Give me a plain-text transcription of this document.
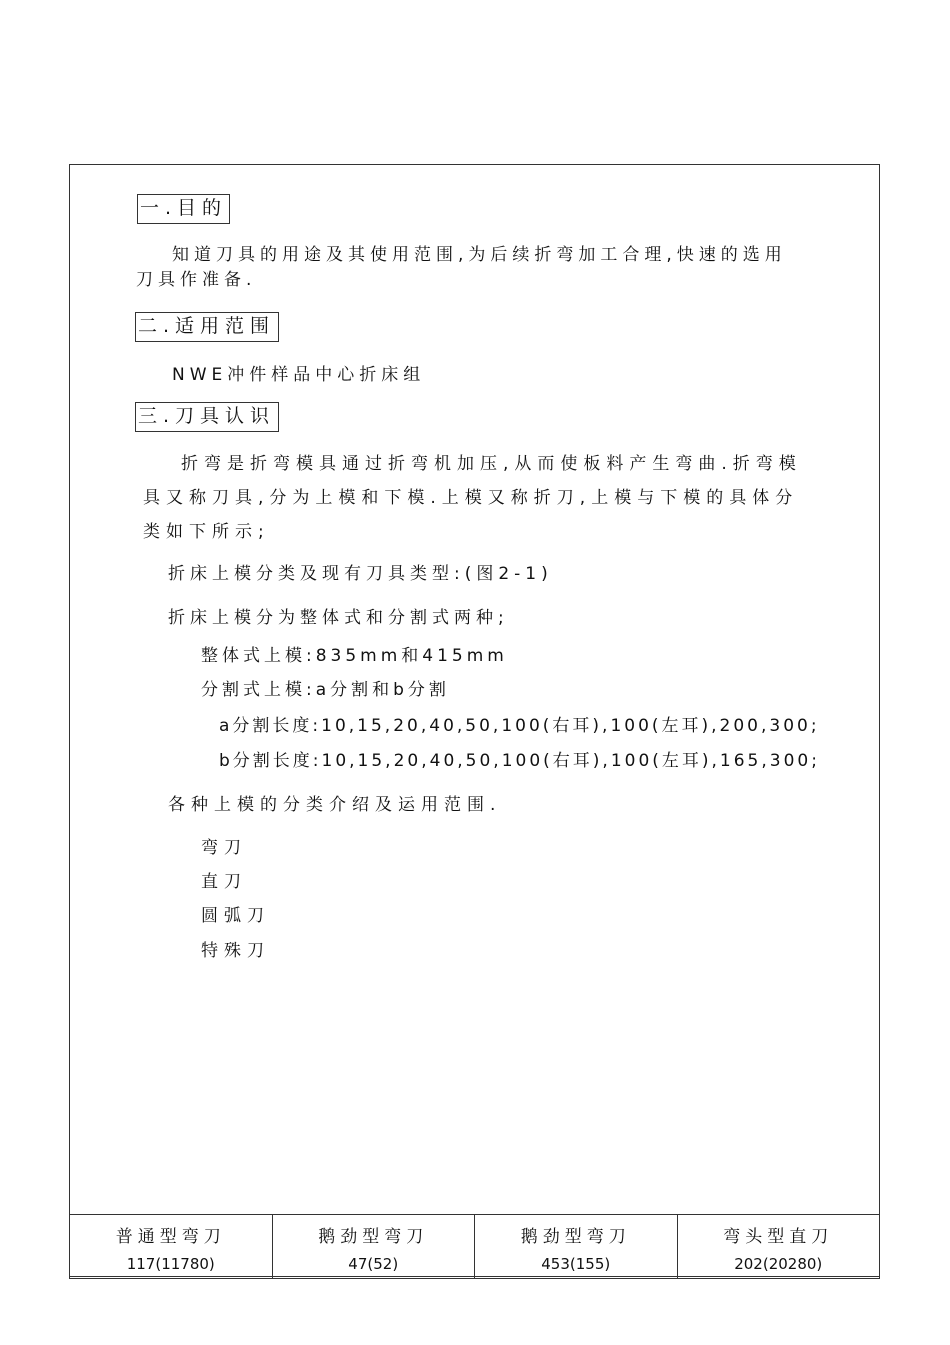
一.目的
知道刀具的用途及其使用范围,为后续折弯加工合理,快速的选用
刀具作准备.
二.适用范围
NWE冲件样品中心折床组
三.刀具认识
折弯是折弯模具通过折弯机加压,从而使板料产生弯曲.折弯模
具又称刀具,分为上模和下模.上模又称折刀,上模与下模的具体分
类如下所示;
折床上模分类及现有刀具类型:(图2-1)
折床上模分为整体式和分割式两种;
整体式上模:835mm和415mm
分割式上模:a分割和b分割
a分割长度:10,15,20,40,50,100(右耳),100(左耳),200,300;
b分割长度:10,15,20,40,50,100(右耳),100(左耳),165,300;
各种上模的分类介绍及运用范围.
弯刀
直刀
圆弧刀
特殊刀
普通型弯刀
117(11780)

鹅劲型弯刀
47(52)

鹅劲型弯刀
453(155)

弯头型直刀
202(20280)
